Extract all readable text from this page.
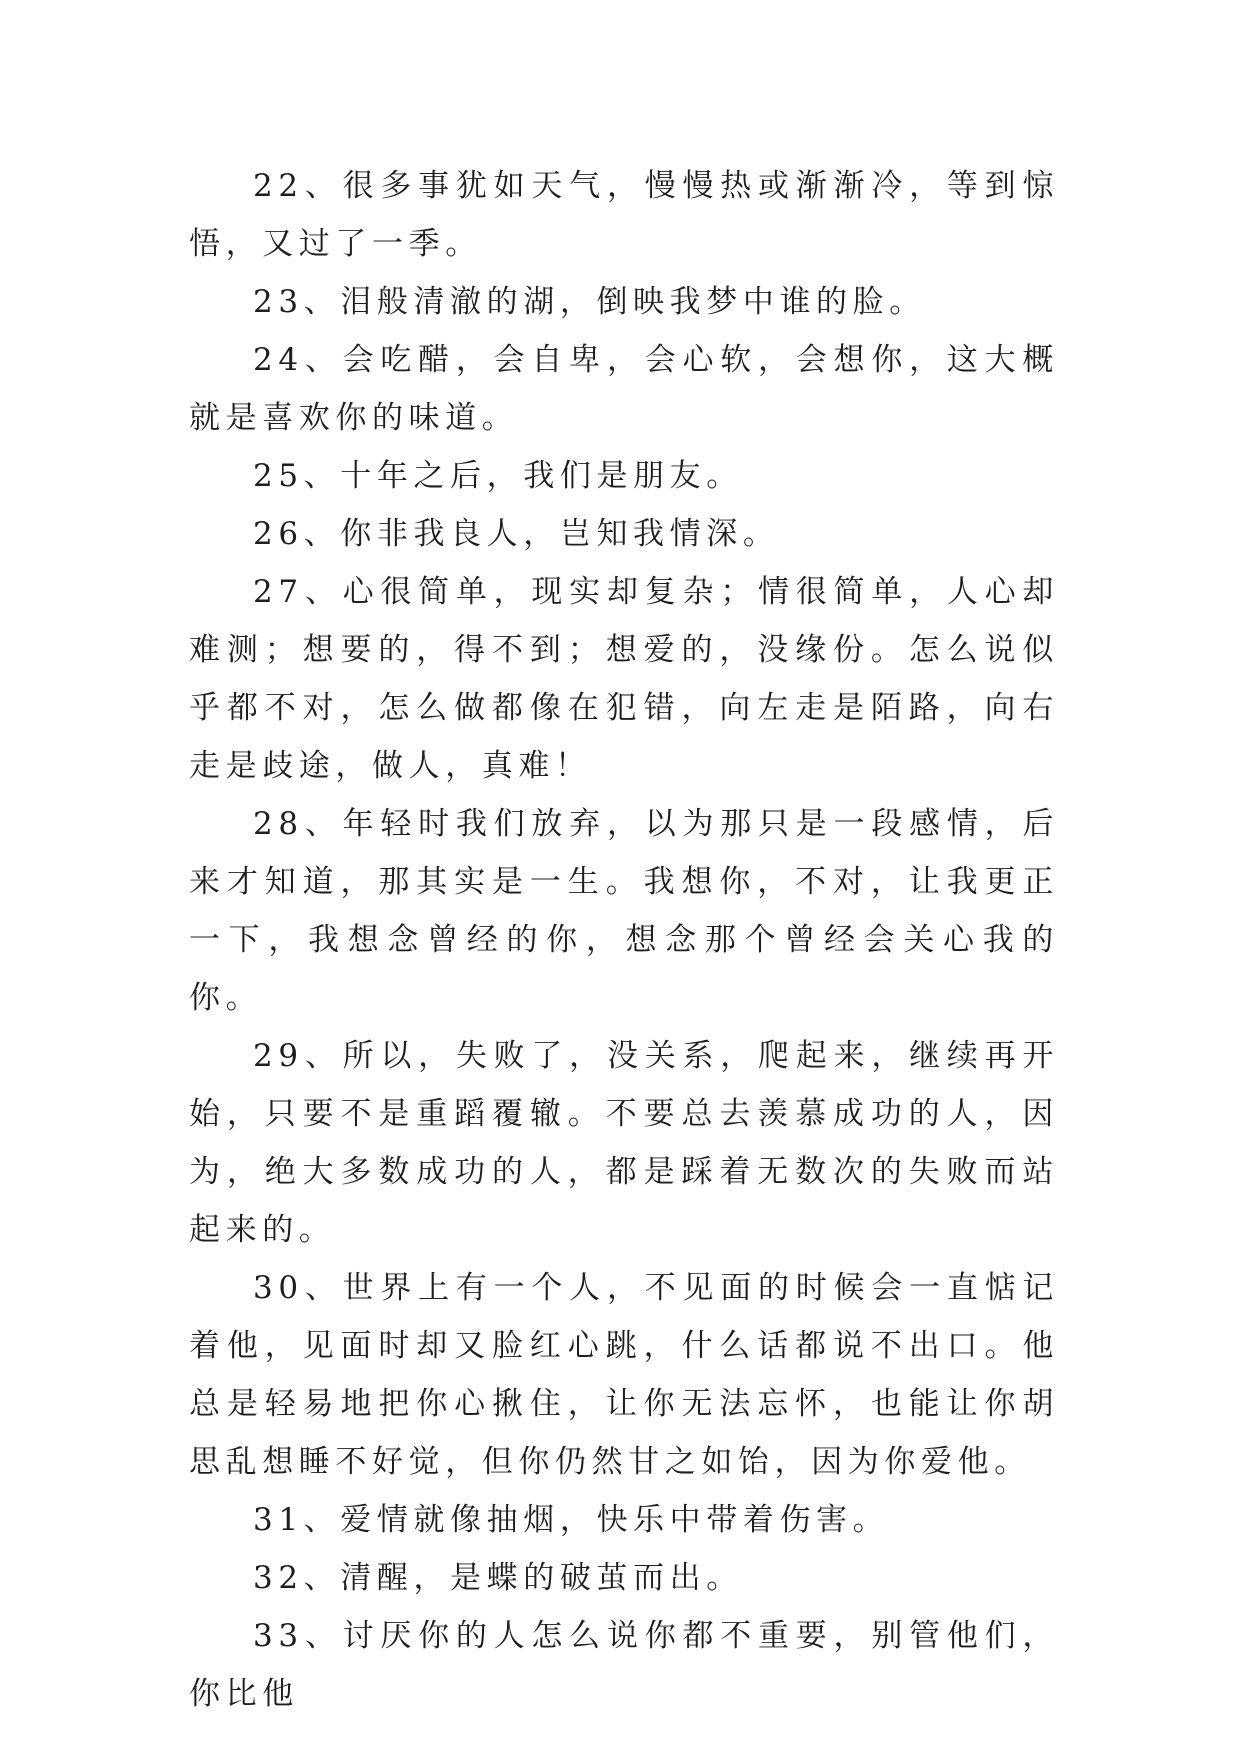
22、很多事犹如天气，慢慢热或渐渐冷，等到惊悟，又过了一季。

23、泪般清澈的湖，倒映我梦中谁的脸。

24、会吃醋，会自卑，会心软，会想你，这大概就是喜欢你的味道。

25、十年之后，我们是朋友。

26、你非我良人，岂知我情深。

27、心很简单，现实却复杂；情很简单，人心却难测；想要的，得不到；想爱的，没缘份。怎么说似乎都不对，怎么做都像在犯错，向左走是陌路，向右走是歧途，做人，真难！

28、年轻时我们放弃，以为那只是一段感情，后来才知道，那其实是一生。我想你，不对，让我更正一下，我想念曾经的你，想念那个曾经会关心我的你。

29、所以，失败了，没关系，爬起来，继续再开始，只要不是重蹈覆辙。不要总去羡慕成功的人，因为，绝大多数成功的人，都是踩着无数次的失败而站起来的。

30、世界上有一个人，不见面的时候会一直惦记着他，见面时却又脸红心跳，什么话都说不出口。他总是轻易地把你心揪住，让你无法忘怀，也能让你胡思乱想睡不好觉，但你仍然甘之如饴，因为你爱他。

31、爱情就像抽烟，快乐中带着伤害。

32、清醒，是蝶的破茧而出。

33、讨厌你的人怎么说你都不重要，别管他们，你比他
